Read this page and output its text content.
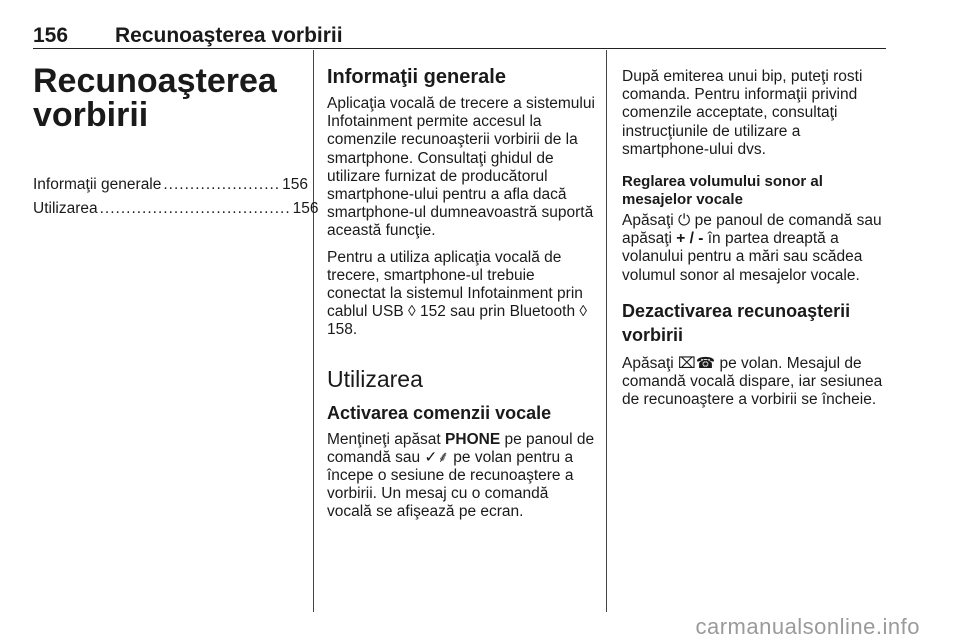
156 Recunoaşterea vorbirii
Recunoaşterea
vorbirii
Informaţii generale ...................... 156
Utilizarea .................................... 156
Informaţii generale

Aplicaţia vocală de trecere a sistemului Infotainment permite accesul la comenzile recunoaşterii vorbirii de la smartphone. Consultaţi ghidul de utilizare furnizat de producătorul smartphone-ului pentru a afla dacă smartphone-ul dumneavoastră suportă această funcţie.

Pentru a utiliza aplicaţia vocală de trecere, smartphone-ul trebuie conectat la sistemul Infotainment prin cablul USB ◊ 152 sau prin Bluetooth ◊ 158.

Utilizarea
Activarea comenzii vocale

Menţineţi apăsat PHONE pe panoul de comandă sau ✓⸙ pe volan pentru a începe o sesiune de recunoaştere a vorbirii. Un mesaj cu o comandă vocală se afişează pe ecran.

După emiterea unui bip, puteţi rosti comanda. Pentru informaţii privind comenzile acceptate, consultaţi instrucţiunile de utilizare a smartphone-ului dvs.

Reglarea volumului sonor al mesajelor vocale

Apăsaţi ⏻ pe panoul de comandă sau apăsaţi + / - în partea dreaptă a volanului pentru a mări sau scădea volumul sonor al mesajelor vocale.

Dezactivarea recunoaşterii vorbirii

Apăsaţi ⌧☎ pe volan. Mesajul de comandă vocală dispare, iar sesiunea de recunoaştere a vorbirii se încheie.

carmanualsonline.info
